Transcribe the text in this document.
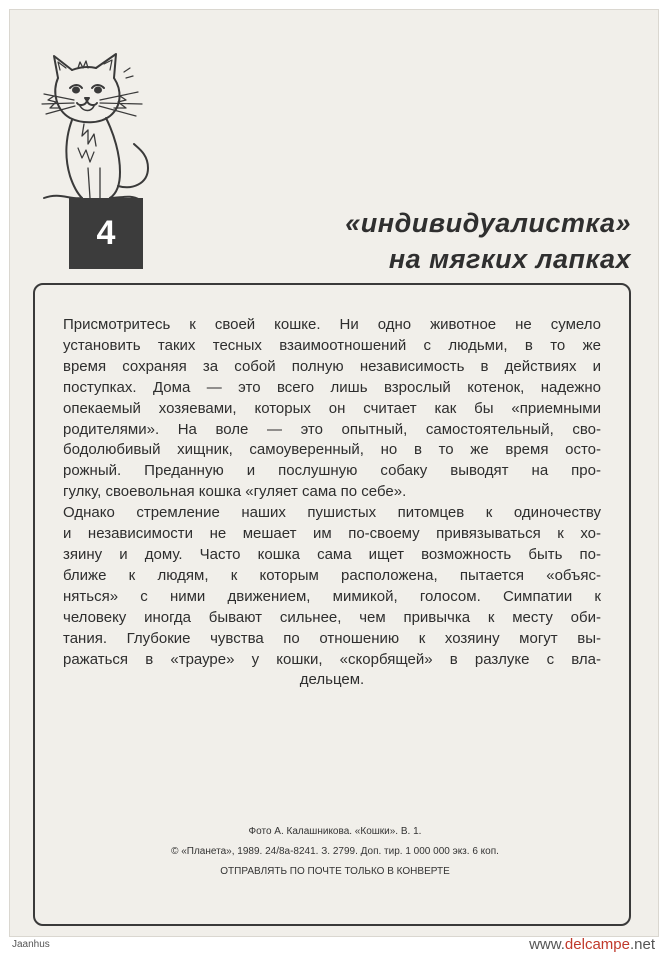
4	«индивидуалистка»
на мягких лапках
Присмотритесь к своей кошке. Ни одно животное не сумело
установить таких тесных взаимоотношений с людьми, в то же
время сохраняя за собой полную независимость в действиях и
поступках. Дома — это всего лишь взрослый котенок, надежно
опекаемый хозяевами, которых он считает как бы «приемными
родителями». На воле — это опытный, самостоятельный, сво-
бодолюбивый хищник, самоуверенный, но в то же время осто-
рожный. Преданную и послушную собаку выводят на про-
гулку, своевольная кошка «гуляет сама по себе».
Однако стремление наших пушистых питомцев к одиночеству
и независимости не мешает им по-своему привязываться к хо-
зяину и дому. Часто кошка сама ищет возможность быть по-
ближе к людям, к которым расположена, пытается «объяс-
няться» с ними движением, мимикой, голосом. Симпатии к
человеку иногда бывают сильнее, чем привычка к месту оби-
тания. Глубокие чувства по отношению к хозяину могут вы-
ражаться в «трауре» у кошки, «скорбящей» в разлуке с вла-
дельцем.
Фото А. Калашникова. «Кошки». В. 1.
© «Планета», 1989. 24/8а-8241. З. 2799. Доп. тир. 1 000 000 экз. 6 коп.
ОТПРАВЛЯТЬ ПО ПОЧТЕ ТОЛЬКО В КОНВЕРТЕ
Jaanhus	www.delcampe.net
